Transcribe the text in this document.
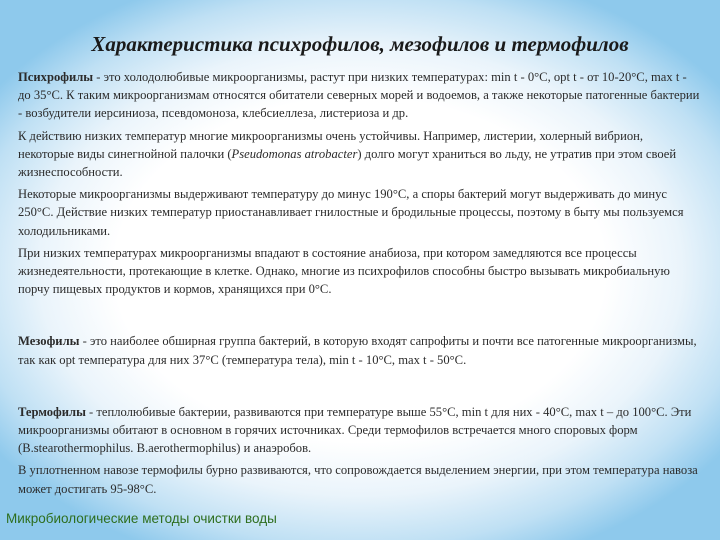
Характеристика психрофилов, мезофилов и термофилов

Психрофилы - это холодолюбивые микроорганизмы, растут при низких температурах: min t - 0°С, opt t - от 10-20°С, max t - до 35°С. К таким микроорганизмам относятся обитатели северных морей и водоемов, а также некоторые патогенные бактерии - возбудители иерсиниоза, псевдомоноза, клебсиеллеза, листериоза и др.

К действию низких температур многие микроорганизмы очень устойчивы. Например, листерии, холерный вибрион, некоторые виды синегнойной палочки (Pseudomonas atrobacter) долго могут храниться во льду, не утратив при этом своей жизнеспособности.

Некоторые микроорганизмы выдерживают температуру до минус 190°С, а споры бактерий могут выдерживать до минус 250°С. Действие низких температур приостанавливает гнилостные и бродильные процессы, поэтому в быту мы пользуемся холодильниками.

При низких температурах микроорганизмы впадают в состояние анабиоза, при котором замедляются все процессы жизнедеятельности, протекающие в клетке. Однако, многие из психрофилов способны быстро вызывать микробиальную порчу пищевых продуктов и кормов, хранящихся при 0°С.

Мезофилы - это наиболее обширная группа бактерий, в которую входят сапрофиты и почти все патогенные микроорганизмы, так как opt температура для них 37°С (температура тела), min t - 10°С, max t - 50°С.

Термофилы - теплолюбивые бактерии, развиваются при температуре выше 55°С, min t для них - 40°С, max t – до 100°С. Эти микроорганизмы обитают в основном в горячих источниках. Среди термофилов встречается много споровых форм (B.stearothermophilus. B.aerothermophilus) и анаэробов.

В уплотненном навозе термофилы бурно развиваются, что сопровождается выделением энергии, при этом температура навоза может достигать 95-98°С.

Микробиологические методы очистки воды
